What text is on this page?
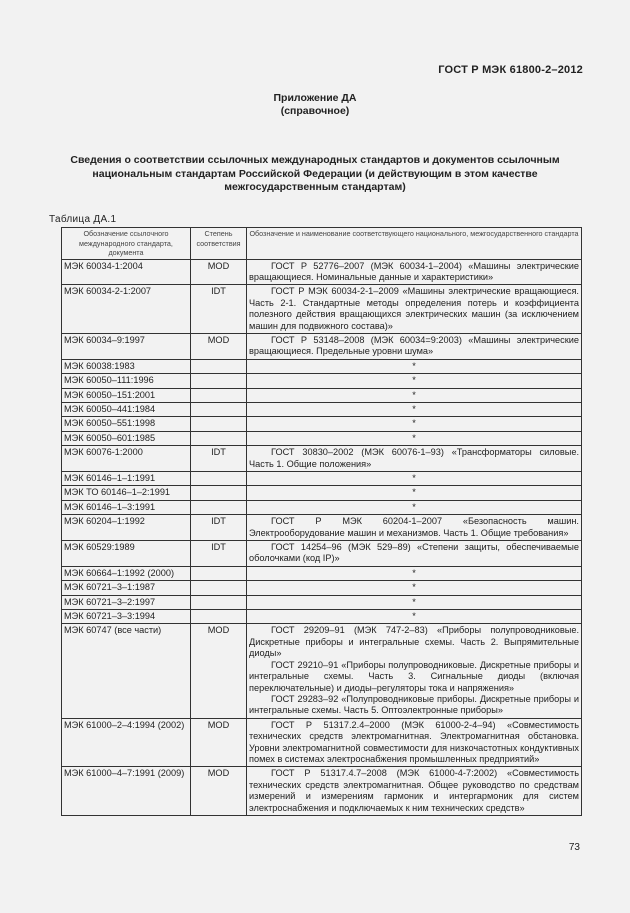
ГОСТ Р МЭК 61800-2–2012
Приложение ДА
(справочное)
Сведения о соответствии ссылочных международных стандартов и документов ссылочным национальным стандартам Российской Федерации (и действующим в этом качестве межгосударственным стандартам)
Таблица ДА.1
Обозначение ссылочного международного стандарта, документа	Степень соответствия	Обозначение и наименование соответствующего национального, межгосударственного стандарта
МЭК 60034-1:2004	MOD	ГОСТ Р 52776–2007 (МЭК 60034-1–2004) «Машины электрические вращающиеся. Номинальные данные и характеристики»

МЭК 60034-2-1:2007	IDT	ГОСТ Р МЭК 60034-2-1–2009 «Машины электрические вращающиеся. Часть 2-1. Стандартные методы определения потерь и коэффициента полезного действия вращающихся электрических машин (за исключением машин для подвижного состава)»

МЭК 60034–9:1997	MOD	ГОСТ Р 53148–2008 (МЭК 60034=9:2003) «Машины электрические вращающиеся. Предельные уровни шума»

МЭК 60038:1983		*

МЭК 60050–111:1996		*

МЭК 60050–151:2001		*

МЭК 60050–441:1984		*

МЭК 60050–551:1998		*

МЭК 60050–601:1985		*

МЭК 60076-1:2000	IDT	ГОСТ 30830–2002 (МЭК 60076-1–93) «Трансформаторы силовые. Часть 1. Общие положения»

МЭК 60146–1–1:1991		*

МЭК ТО 60146–1–2:1991		*

МЭК 60146–1–3:1991		*

МЭК 60204–1:1992	IDT	ГОСТ Р МЭК 60204-1–2007 «Безопасность машин. Электрооборудование машин и механизмов. Часть 1. Общие требования»

МЭК 60529:1989	IDT	ГОСТ 14254–96 (МЭК 529–89) «Степени защиты, обеспечиваемые оболочками (код IP)»

МЭК 60664–1:1992 (2000)		*

МЭК 60721–3–1:1987		*

МЭК 60721–3–2:1997		*

МЭК 60721–3–3:1994		*

МЭК 60747 (все части)	MOD	ГОСТ 29209–91 (МЭК 747-2–83) «Приборы полупроводниковые. Дискретные приборы и интегральные схемы. Часть 2. Выпрямительные диоды»
ГОСТ 29210–91 «Приборы полупроводниковые. Дискретные приборы и интегральные схемы. Часть 3. Сигнальные диоды (включая переключательные) и диоды–регуляторы тока и напряжения»
ГОСТ 29283–92 «Полупроводниковые приборы. Дискретные приборы и интегральные схемы. Часть 5. Оптоэлектронные приборы»

МЭК 61000–2–4:1994 (2002)	MOD	ГОСТ Р 51317.2.4–2000 (МЭК 61000-2-4–94) «Совместимость технических средств электромагнитная. Электромагнитная обстановка. Уровни электромагнитной совместимости для низкочастотных кондуктивных помех в системах электроснабжения промышленных предприятий»

МЭК 61000–4–7:1991 (2009)	MOD	ГОСТ Р 51317.4.7–2008 (МЭК 61000-4-7:2002) «Совместимость технических средств электромагнитная. Общее руководство по средствам измерений и измерениям гармоник и интергармоник для систем электроснабжения и подключаемых к ним технических средств»
73
